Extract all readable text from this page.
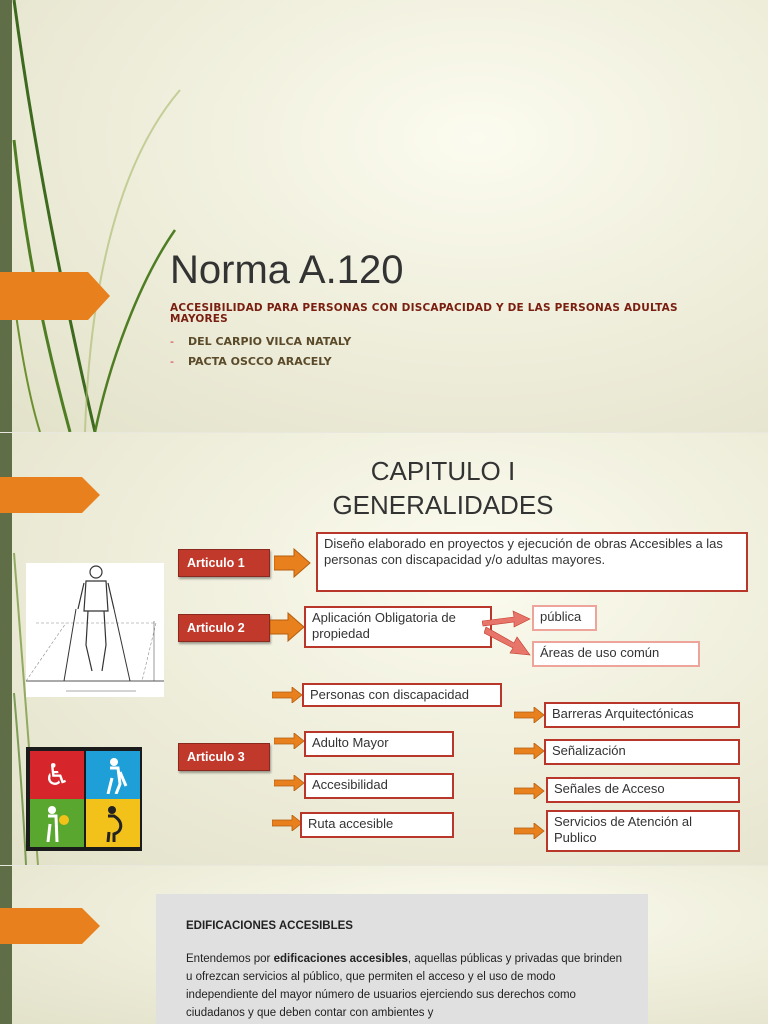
Norma A.120
ACCESIBILIDAD PARA PERSONAS CON DISCAPACIDAD Y DE LAS PERSONAS ADULTAS MAYORES
- DEL CARPIO VILCA NATALY
- PACTA OSCCO ARACELY
CAPITULO I
GENERALIDADES
♿
Articulo 1
Diseño elaborado en proyectos y ejecución de obras Accesibles a las personas con discapacidad y/o adultas mayores.
Articulo 2
Aplicación Obligatoria de propiedad
pública
Áreas de uso común
Articulo 3
Personas con discapacidad
Adulto Mayor
Accesibilidad
Ruta accesible
Barreras Arquitectónicas
Señalización
Señales de Acceso
Servicios de Atención al Publico
EDIFICACIONES ACCESIBLES
Entendemos por edificaciones accesibles, aquellas públicas y privadas que brinden u ofrezcan servicios al público, que permiten el acceso y el uso de modo independiente del mayor número de usuarios ejerciendo sus derechos como ciudadanos y que deben contar con ambientes y
